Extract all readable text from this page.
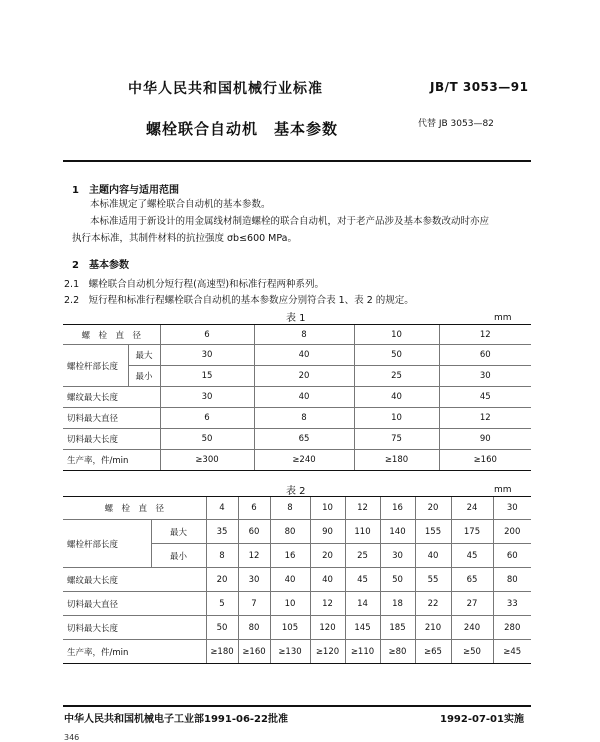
中华人民共和国机械行业标准	JB/T 3053—91
螺栓联合自动机　基本参数	代替 JB 3053—82
1　主题内容与适用范围
本标准规定了螺栓联合自动机的基本参数。
本标准适用于新设计的用金属线材制造螺栓的联合自动机，对于老产品涉及基本参数改动时亦应
执行本标准，其制件材料的抗拉强度 σb≤600 MPa。
2　基本参数
2.1　螺栓联合自动机分短行程(高速型)和标准行程两种系列。
2.2　短行程和标准行程螺栓联合自动机的基本参数应分别符合表 1、表 2 的规定。
表 1	mm
螺　栓　直　径		6	8	10	12
螺栓杆部长度	最大	30	40	50	60
	最小	15	20	25	30
螺纹最大长度		30	40	40	45
切料最大直径		6	8	10	12
切料最大长度		50	65	75	90
生产率，件/min		≥300	≥240	≥180	≥160
表 2	mm
螺　栓　直　径		4	6	8	10	12	16	20	24	30
螺栓杆部长度	最大	35	60	80	90	110	140	155	175	200
	最小	8	12	16	20	25	30	40	45	60
螺纹最大长度		20	30	40	40	45	50	55	65	80
切料最大直径		5	7	10	12	14	18	22	27	33
切料最大长度		50	80	105	120	145	185	210	240	280
生产率，件/min		≥180	≥160	≥130	≥120	≥110	≥80	≥65	≥50	≥45
中华人民共和国机械电子工业部1991-06-22批准	1992-07-01实施
346
